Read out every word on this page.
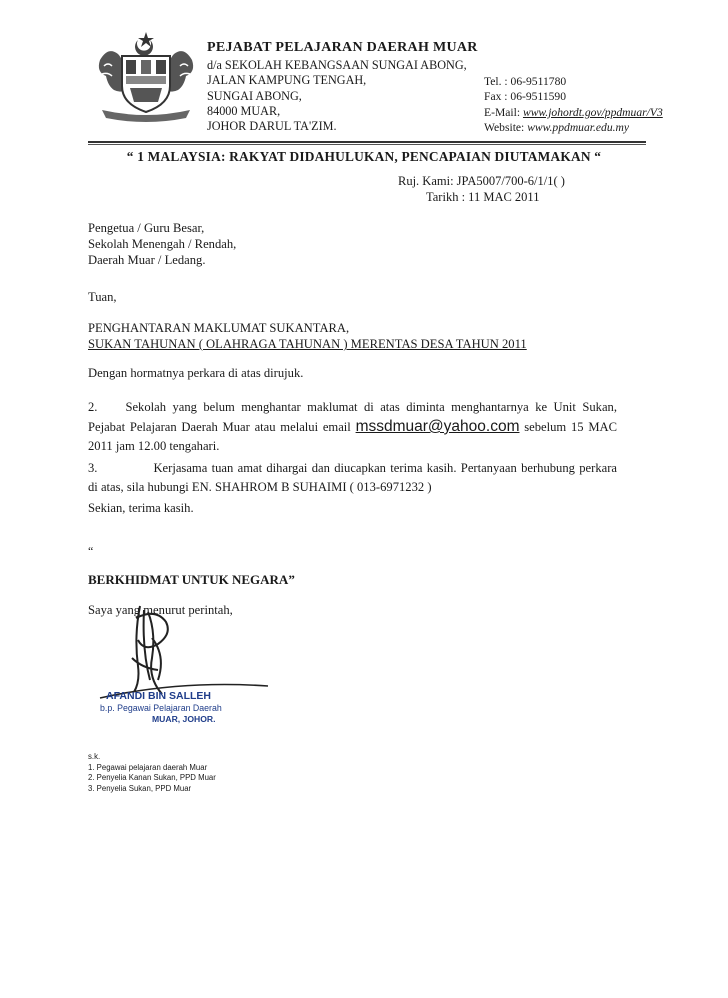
PEJABAT PELAJARAN DAERAH MUAR
d/a SEKOLAH KEBANGSAAN SUNGAI ABONG,
JALAN KAMPUNG TENGAH,
SUNGAI ABONG,
84000 MUAR,
JOHOR DARUL TA'ZIM.
Tel. : 06-9511780
Fax : 06-9511590
E-Mail: www.johordt.gov/ppdmuar/V3
Website: www.ppdmuar.edu.my
“ 1 MALAYSIA: RAKYAT DIDAHULUKAN, PENCAPAIAN DIUTAMAKAN “
Ruj. Kami: JPA5007/700-6/1/1( )
Tarikh : 11 MAC 2011
Pengetua / Guru Besar,
Sekolah Menengah / Rendah,
Daerah Muar / Ledang.
Tuan,
PENGHANTARAN MAKLUMAT SUKANTARA,
SUKAN TAHUNAN ( OLAHRAGA TAHUNAN ) MERENTAS DESA TAHUN 2011
Dengan hormatnya perkara di atas dirujuk.
2. Sekolah yang belum menghantar maklumat di atas diminta menghantarnya ke Unit Sukan, Pejabat Pelajaran Daerah Muar atau melalui email mssdmuar@yahoo.com sebelum 15 MAC 2011 jam 12.00 tengahari.
3.	Kerjasama tuan amat dihargai dan diucapkan terima kasih. Pertanyaan berhubung perkara di atas, sila hubungi EN. SHAHROM B SUHAIMI ( 013-6971232 )
Sekian, terima kasih.
“
BERKHIDMAT UNTUK NEGARA”
Saya yang menurut perintah,
AFANDI BIN SALLEH
b.p. Pegawai Pelajaran Daerah
MUAR, JOHOR.
s.k.
1. Pegawai pelajaran daerah Muar
2. Penyelia Kanan Sukan, PPD Muar
3. Penyelia Sukan, PPD Muar
